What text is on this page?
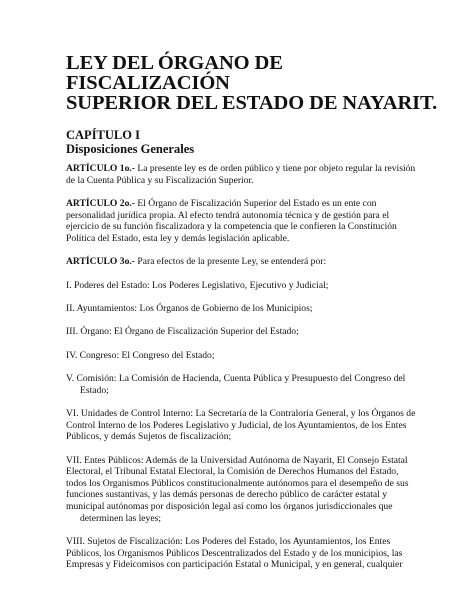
LEY DEL ÓRGANO DE
FISCALIZACIÓN
SUPERIOR DEL ESTADO DE NAYARIT.
CAPÍTULO I
Disposiciones Generales

ARTÍCULO 1o.- La presente ley es de orden público y tiene por objeto regular la revisión
de la Cuenta Pública y su Fiscalización Superior.

ARTÍCULO 2o.- El Órgano de Fiscalización Superior del Estado es un ente con
personalidad jurídica propia. Al efecto tendrá autonomía técnica y de gestión para el
ejercicio de su función fiscalizadora y la competencia que le confieren la Constitución
Política del Estado, esta ley y demás legislación aplicable.

ARTÍCULO 3o.- Para efectos de la presente Ley, se entenderá por:

I. Poderes del Estado: Los Poderes Legislativo, Ejecutivo y Judicial;

II. Ayuntamientos: Los Órganos de Gobierno de los Municipios;

III. Órgano: El Órgano de Fiscalización Superior del Estado;

IV. Congreso: El Congreso del Estado;

V. Comisión: La Comisión de Hacienda, Cuenta Pública y Presupuesto del Congreso del
Estado;

VI. Unidades de Control Interno: La Secretaría de la Contraloría General, y los Órganos de
Control Interno de los Poderes Legislativo y Judicial, de los Ayuntamientos, de los Entes
Públicos, y demás Sujetos de fiscalización;

VII. Entes Públicos: Además de la Universidad Autónoma de Nayarit, El Consejo Estatal
Electoral, el Tribunal Estatal Electoral, la Comisión de Derechos Humanos del Estado,
todos los Organismos Públicos constitucionalmente autónomos para el desempeño de sus
funciones sustantivas, y las demás personas de derecho público de carácter estatal y
municipal autónomas por disposición legal así como los órganos jurisdiccionales que
determinen las leyes;

VIII. Sujetos de Fiscalización: Los Poderes del Estado, los Ayuntamientos, los Entes
Públicos, los Organismos Públicos Descentralizados del Estado y de los municipios, las
Empresas y Fideicomisos con participación Estatal o Municipal, y en general, cualquier
